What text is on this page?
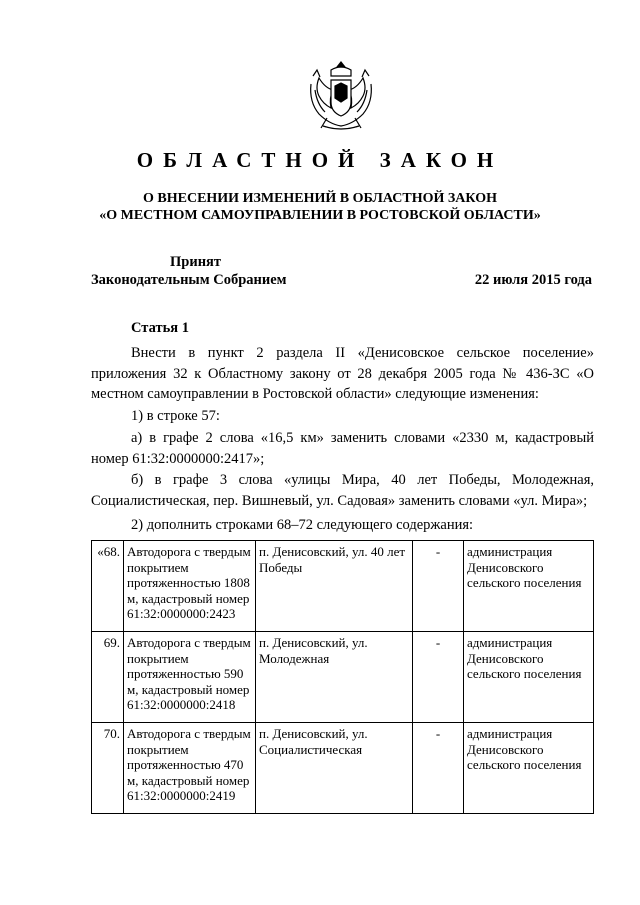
ОБЛАСТНОЙ ЗАКОН
О ВНЕСЕНИИ ИЗМЕНЕНИЙ В ОБЛАСТНОЙ ЗАКОН
«О МЕСТНОМ САМОУПРАВЛЕНИИ В РОСТОВСКОЙ ОБЛАСТИ»
Принят
Законодательным Собранием	22 июля 2015 года
Статья 1
Внести в пункт 2 раздела II «Денисовское сельское поселение» приложения 32 к Областному закону от 28 декабря 2005 года № 436-ЗС «О местном самоуправлении в Ростовской области» следующие изменения:
1) в строке 57:
а) в графе 2 слова «16,5 км» заменить словами «2330 м, кадастровый номер 61:32:0000000:2417»;
б) в графе 3 слова «улицы Мира, 40 лет Победы, Молодежная, Социалистическая, пер. Вишневый, ул. Садовая» заменить словами «ул. Мира»;
2) дополнить строками 68–72 следующего содержания:
«68.	Автодорога с твердым покрытием протяженностью 1808 м, кадастровый номер 61:32:0000000:2423	п. Денисовский, ул. 40 лет Победы	-	администрация Денисовского сельского поселения
69.	Автодорога с твердым покрытием протяженностью 590 м, кадастровый номер 61:32:0000000:2418	п. Денисовский, ул. Молодежная	-	администрация Денисовского сельского поселения
70.	Автодорога с твердым покрытием протяженностью 470 м, кадастровый номер 61:32:0000000:2419	п. Денисовский, ул. Социалистическая	-	администрация Денисовского сельского поселения
